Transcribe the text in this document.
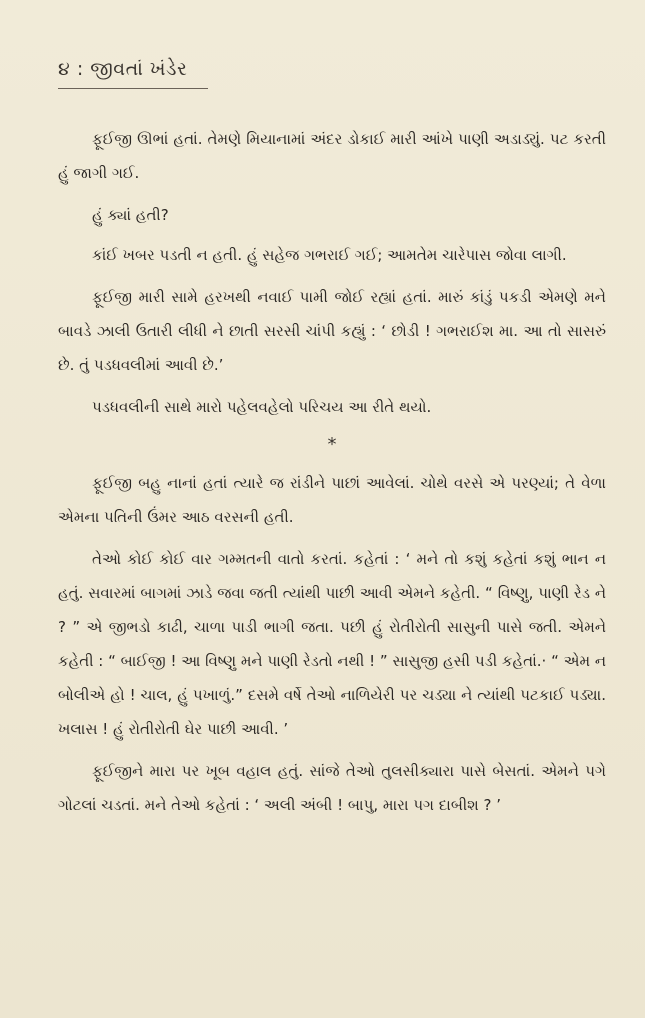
૪ : જીવતાં ખંડેર

ફૂઈજી ઊભાં હતાં. તેમણે મિયાનામાં અંદર ડોકાઈ મારી આંખે પાણી અડાડ્યું. પટ કરતી હું જાગી ગઈ.

હું ક્યાં હતી?

કાંઈ ખબર પડતી ન હતી. હું સહેજ ગભરાઈ ગઈ; આમતેમ ચારેપાસ જોવા લાગી.

ફૂઈજી મારી સામે હરખથી નવાઈ પામી જોઈ રહ્યાં હતાં. મારું કાંડું પકડી એમણે મને બાવડે ઝાલી ઉતારી લીધી ને છાતી સરસી ચાંપી કહ્યું : ‘ છોડી ! ગભરાઈશ મા. આ તો સાસરું છે. તું પડધવલીમાં આવી છે.’

પડધવલીની સાથે મારો પહેલવહેલો પરિચય આ રીતે થયો.

*

ફૂઈજી બહુ નાનાં હતાં ત્યારે જ રાંડીને પાછાં આવેલાં. ચોથે વરસે એ પરણ્યાં; તે વેળા એમના પતિની ઉંમર આઠ વરસની હતી.

તેઓ કોઈ કોઈ વાર ગમ્મતની વાતો કરતાં. કહેતાં : ‘ મને તો કશું કહેતાં કશું ભાન ન હતું. સવારમાં બાગમાં ઝાડે જવા જતી ત્યાંથી પાછી આવી એમને કહેતી. “ વિષ્ણુ, પાણી રેડ ને ? ” એ જીભડો કાઢી, ચાળા પાડી ભાગી જતા. પછી હું રોતીરોતી સાસુની પાસે જતી. એમને કહેતી : “ બાઈજી ! આ વિષ્ણુ મને પાણી રેડતો નથી ! ” સાસુજી હસી પડી કહેતાં.· “ એમ ન બોલીએ હો ! ચાલ, હું પખાળું.” દસમે વર્ષે તેઓ નાળિયેરી પર ચડ્યા ને ત્યાંથી પટકાઈ પડ્યા. ખલાસ ! હું રોતીરોતી ઘેર પાછી આવી. ’

ફૂઈજીને મારા પર ખૂબ વહાલ હતું. સાંજે તેઓ તુલસીક્યારા પાસે બેસતાં. એમને પગે ગોટલાં ચડતાં. મને તેઓ કહેતાં : ‘ અલી અંબી ! બાપુ, મારા પગ દાબીશ ? ’
